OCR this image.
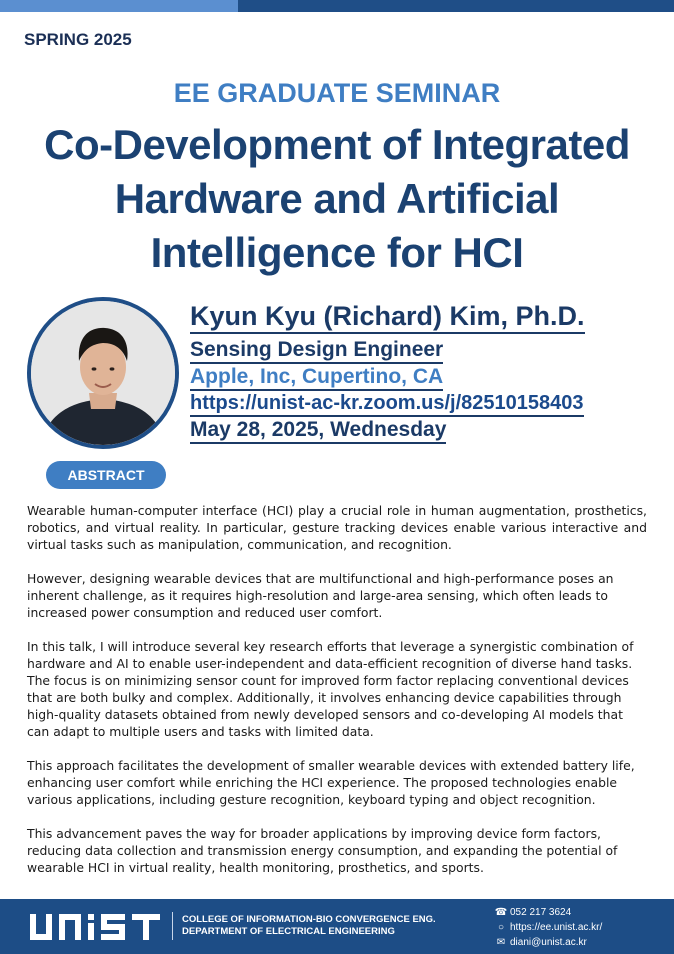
SPRING 2025
EE GRADUATE SEMINAR
Co-Development of Integrated
Hardware and Artificial
Intelligence for HCI
Kyun Kyu (Richard) Kim, Ph.D.
Sensing Design Engineer
Apple, Inc, Cupertino, CA
https://unist-ac-kr.zoom.us/j/82510158403
May 28, 2025, Wednesday
ABSTRACT

Wearable human-computer interface (HCI) play a crucial role in human augmentation, prosthetics, robotics, and virtual reality. In particular, gesture tracking devices enable various interactive and virtual tasks such as manipulation, communication, and recognition.

However, designing wearable devices that are multifunctional and high-performance poses an inherent challenge, as it requires high-resolution and large-area sensing, which often leads to increased power consumption and reduced user comfort.

In this talk, I will introduce several key research efforts that leverage a synergistic combination of hardware and AI to enable user-independent and data-efficient recognition of diverse hand tasks. The focus is on minimizing sensor count for improved form factor replacing conventional devices that are both bulky and complex. Additionally, it involves enhancing device capabilities through high-quality datasets obtained from newly developed sensors and co-developing AI models that can adapt to multiple users and tasks with limited data.

This approach facilitates the development of smaller wearable devices with extended battery life, enhancing user comfort while enriching the HCI experience. The proposed technologies enable various applications, including gesture recognition, keyboard typing and object recognition.

This advancement paves the way for broader applications by improving device form factors, reducing data collection and transmission energy consumption, and expanding the potential of wearable HCI in virtual reality, health monitoring, prosthetics, and sports.

COLLEGE OF INFORMATION-BIO CONVERGENCE ENG.
DEPARTMENT OF ELECTRICAL ENGINEERING
☎ 052 217 3624
○ https://ee.unist.ac.kr/
✉ diani@unist.ac.kr
